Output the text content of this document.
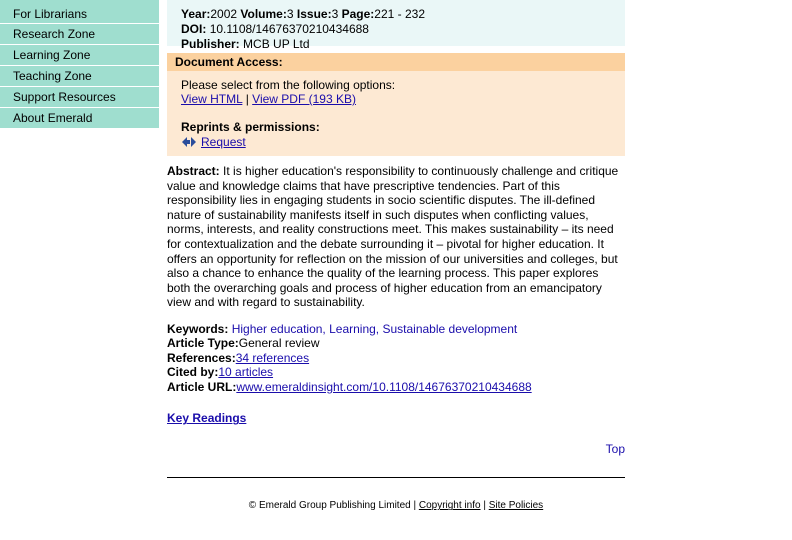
For Librarians
Research Zone
Learning Zone
Teaching Zone
Support Resources
About Emerald

Year:2002 Volume:3 Issue:3 Page:221 - 232
DOI: 10.1108/14676370210434688
Publisher: MCB UP Ltd
Document Access:
Please select from the following options:
View HTML | View PDF (193 KB)
Reprints & permissions:
Request
Abstract: It is higher education's responsibility to continuously challenge and critique value and knowledge claims that have prescriptive tendencies. Part of this responsibility lies in engaging students in socio scientific disputes. The ill-defined nature of sustainability manifests itself in such disputes when conflicting values, norms, interests, and reality constructions meet. This makes sustainability – its need for contextualization and the debate surrounding it – pivotal for higher education. It offers an opportunity for reflection on the mission of our universities and colleges, but also a chance to enhance the quality of the learning process. This paper explores both the overarching goals and process of higher education from an emancipatory view and with regard to sustainability.
Keywords: Higher education, Learning, Sustainable development
Article Type:General review
References:34 references
Cited by:10 articles
Article URL:www.emeraldinsight.com/10.1108/14676370210434688
Key Readings
Top
© Emerald Group Publishing Limited | Copyright info | Site Policies
